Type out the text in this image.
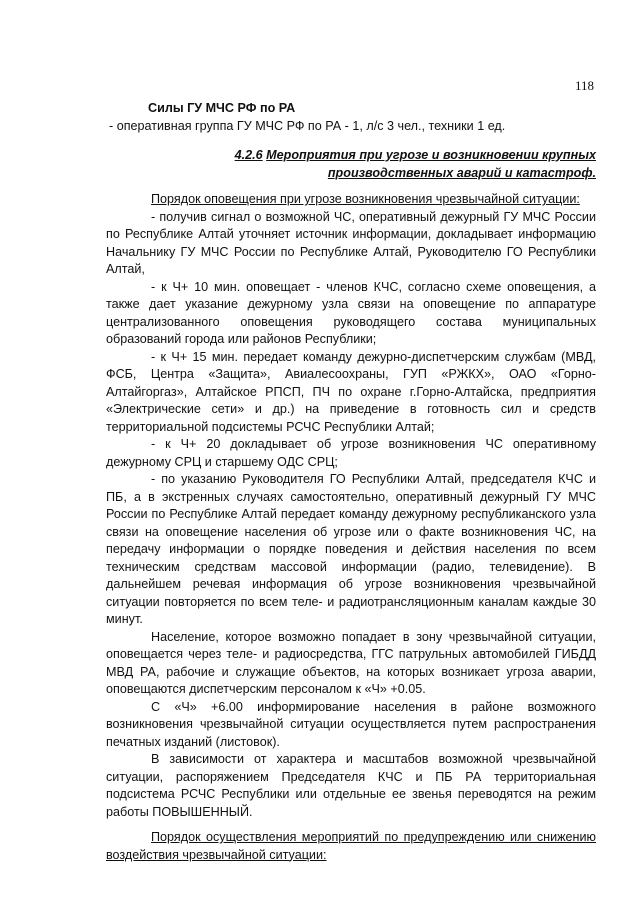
118

Силы ГУ МЧС РФ по РА

- оперативная группа ГУ МЧС РФ по РА - 1, л/с 3 чел., техники 1 ед.

4.2.6 Мероприятия при угрозе и возникновении крупных производственных аварий и катастроф.

Порядок оповещения при угрозе возникновения чрезвычайной ситуации:

- получив сигнал о возможной ЧС, оперативный дежурный ГУ МЧС России по Республике Алтай уточняет источник информации, докладывает информацию Начальнику ГУ МЧС России по Республике Алтай, Руководителю ГО Республики Алтай,

- к Ч+ 10 мин. оповещает - членов КЧС, согласно схеме оповещения, а также дает указание дежурному узла связи на оповещение по аппаратуре централизованного оповещения руководящего состава муниципальных образований города или районов Республики;

- к Ч+ 15 мин. передает команду дежурно-диспетчерским службам (МВД, ФСБ, Центра «Защита», Авиалесоохраны, ГУП «РЖКХ», ОАО «Горно-Алтайгоргаз», Алтайское РПСП, ПЧ по охране г.Горно-Алтайска, предприятия «Электрические сети» и др.) на приведение в готовность сил и средств территориальной подсистемы РСЧС Республики Алтай;

- к Ч+ 20 докладывает об угрозе возникновения ЧС оперативному дежурному СРЦ и старшему ОДС СРЦ;

- по указанию Руководителя ГО Республики Алтай, председателя КЧС и ПБ, а в экстренных случаях самостоятельно, оперативный дежурный ГУ МЧС России по Республике Алтай передает команду дежурному республиканского узла связи на оповещение населения об угрозе или о факте возникновения ЧС, на передачу информации о порядке поведения и действия населения по всем техническим средствам массовой информации (радио, телевидение). В дальнейшем речевая информация об угрозе возникновения чрезвычайной ситуации повторяется по всем теле- и радиотрансляционным каналам каждые 30 минут.

Население, которое возможно попадает в зону чрезвычайной ситуации, оповещается через теле- и радиосредства, ГГС патрульных автомобилей ГИБДД МВД РА, рабочие и служащие объектов, на которых возникает угроза аварии, оповещаются диспетчерским персоналом к «Ч» +0.05.

С «Ч» +6.00 информирование населения в районе возможного возникновения чрезвычайной ситуации осуществляется путем распространения печатных изданий (листовок).

В зависимости от характера и масштабов возможной чрезвычайной ситуации, распоряжением Председателя КЧС и ПБ РА территориальная подсистема РСЧС Республики или отдельные ее звенья переводятся на режим работы ПОВЫШЕННЫЙ.

Порядок осуществления мероприятий по предупреждению или снижению воздействия чрезвычайной ситуации:
